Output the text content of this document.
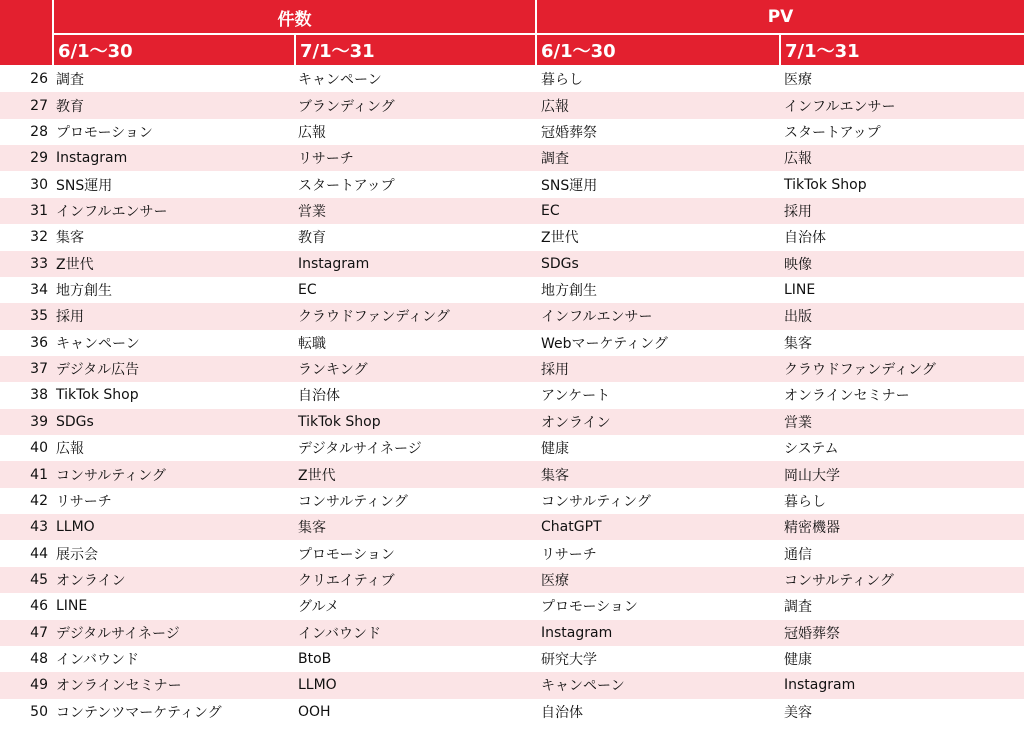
件数	PV
6/1～30	7/1～31	6/1～30	7/1～31
26 調査	キャンペーン	暮らし	医療
27 教育	ブランディング	広報	インフルエンサー
28 プロモーション	広報	冠婚葬祭	スタートアップ
29 Instagram	リサーチ	調査	広報
30 SNS運用	スタートアップ	SNS運用	TikTok Shop
31 インフルエンサー	営業	EC	採用
32 集客	教育	Z世代	自治体
33 Z世代	Instagram	SDGs	映像
34 地方創生	EC	地方創生	LINE
35 採用	クラウドファンディング	インフルエンサー	出版
36 キャンペーン	転職	Webマーケティング	集客
37 デジタル広告	ランキング	採用	クラウドファンディング
38 TikTok Shop	自治体	アンケート	オンラインセミナー
39 SDGs	TikTok Shop	オンライン	営業
40 広報	デジタルサイネージ	健康	システム
41 コンサルティング	Z世代	集客	岡山大学
42 リサーチ	コンサルティング	コンサルティング	暮らし
43 LLMO	集客	ChatGPT	精密機器
44 展示会	プロモーション	リサーチ	通信
45 オンライン	クリエイティブ	医療	コンサルティング
46 LINE	グルメ	プロモーション	調査
47 デジタルサイネージ	インバウンド	Instagram	冠婚葬祭
48 インバウンド	BtoB	研究大学	健康
49 オンラインセミナー	LLMO	キャンペーン	Instagram
50 コンテンツマーケティング	OOH	自治体	美容
